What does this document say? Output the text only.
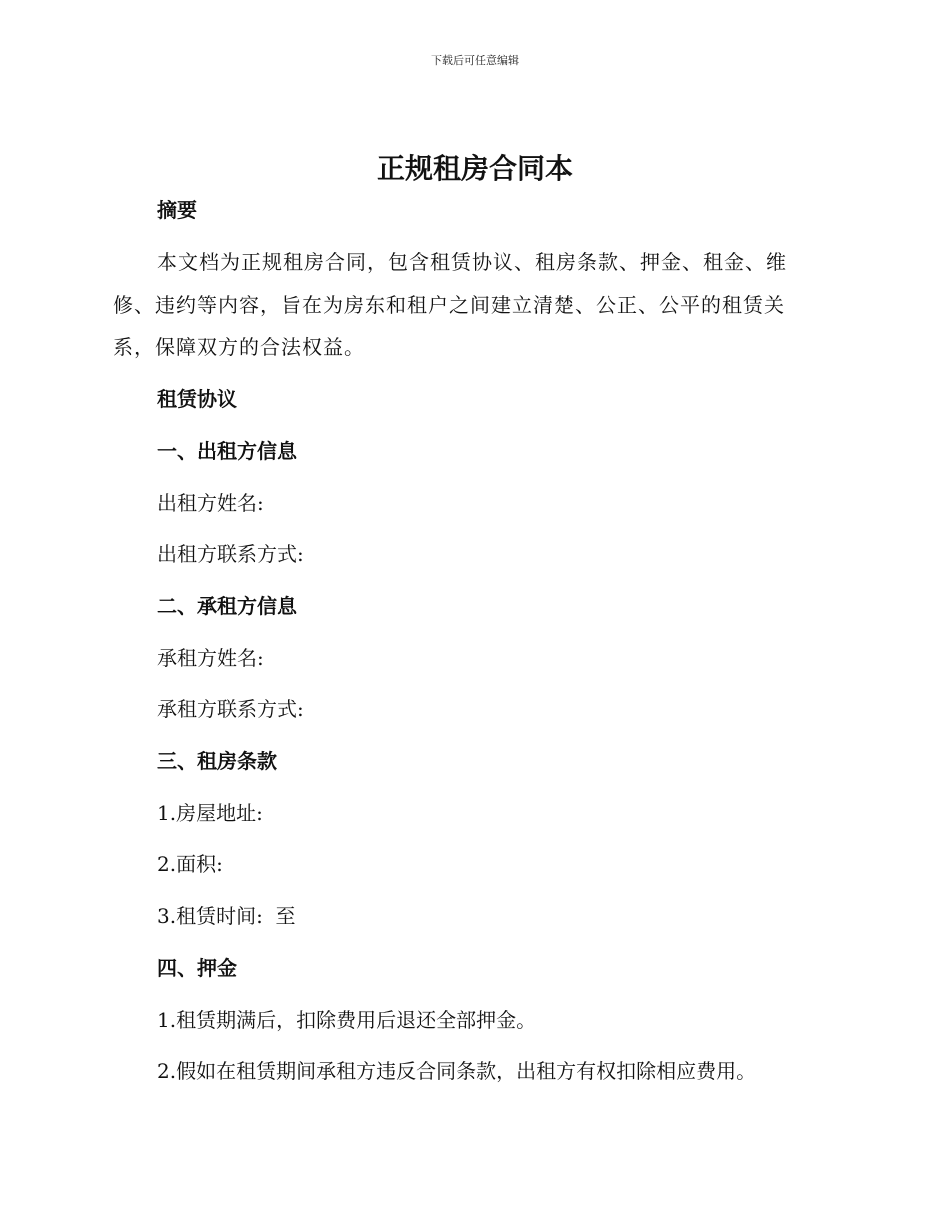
下载后可任意编辑
正规租房合同本
摘要
本文档为正规租房合同，包含租赁协议、租房条款、押金、租金、维修、违约等内容，旨在为房东和租户之间建立清楚、公正、公平的租赁关系，保障双方的合法权益。
租赁协议
一、出租方信息
出租方姓名:
出租方联系方式:
二、承租方信息
承租方姓名:
承租方联系方式:
三、租房条款
1.房屋地址:
2.面积:
3.租赁时间:  至
四、押金
1.租赁期满后，扣除费用后退还全部押金。
2.假如在租赁期间承租方违反合同条款，出租方有权扣除相应费用。
